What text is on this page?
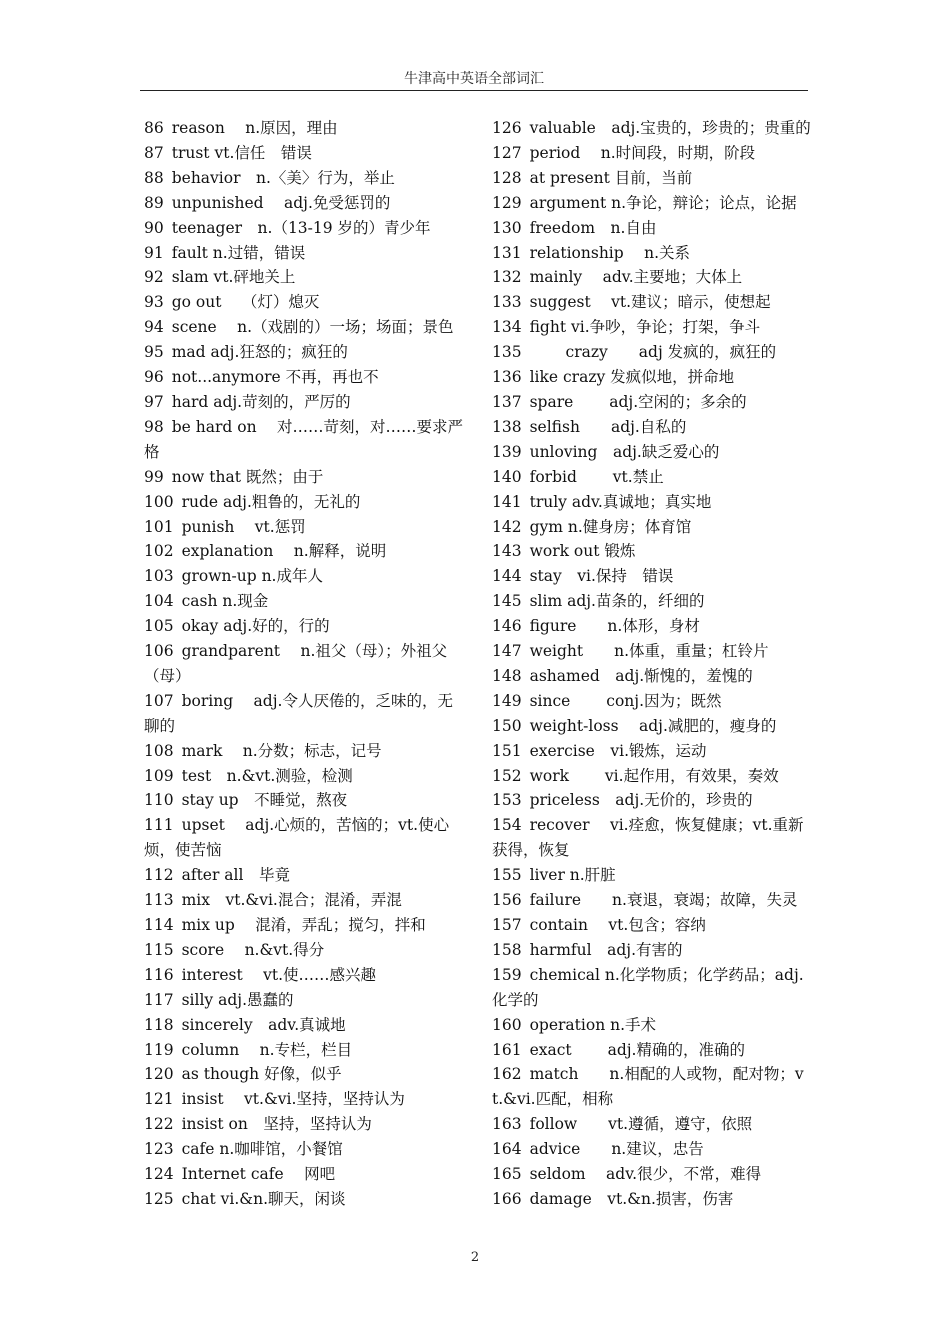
牛津高中英语全部词汇
86 reason　 n.原因，理由
87 trust vt.信任　错误
88 behavior　n.〈美〉行为，举止
89 unpunished　 adj.免受惩罚的
90 teenager　n.（13-19 岁的）青少年
91 fault n.过错，错误
92 slam vt.砰地关上
93 go out　 （灯）熄灭
94 scene　 n.（戏剧的）一场；场面；景色
95 mad adj.狂怒的；疯狂的
96 not...anymore 不再，再也不
97 hard adj.苛刻的，严厉的
98 be hard on　 对……苛刻，对……要求严格
99 now that 既然；由于
100 rude adj.粗鲁的，无礼的
101 punish　 vt.惩罚
102 explanation　 n.解释，说明
103 grown-up n.成年人
104 cash n.现金
105 okay adj.好的，行的
106 grandparent　 n.祖父（母）；外祖父（母）
107 boring　 adj.令人厌倦的，乏味的，无聊的
108 mark　 n.分数；标志，记号
109 test　n.&vt.测验，检测
110 stay up　不睡觉，熬夜
111 upset　 adj.心烦的，苦恼的；vt.使心烦，使苦恼
112 after all　毕竟
113 mix　vt.&vi.混合；混淆，弄混
114 mix up　 混淆，弄乱；搅匀，拌和
115 score　 n.&vt.得分
116 interest　 vt.使……感兴趣
117 silly adj.愚蠢的
118 sincerely　adv.真诚地
119 column　 n.专栏，栏目
120 as though 好像，似乎
121 insist　 vt.&vi.坚持，坚持认为
122 insist on　坚持，坚持认为
123 cafe n.咖啡馆，小餐馆
124 Internet cafe　 网吧
125 chat vi.&n.聊天，闲谈
126 valuable　adj.宝贵的，珍贵的；贵重的
127 period　 n.时间段，时期，阶段
128 at present 目前，当前
129 argument n.争论，辩论；论点，论据
130 freedom　n.自由
131 relationship　 n.关系
132 mainly　 adv.主要地；大体上
133 suggest　 vt.建议；暗示，使想起
134 fight vi.争吵，争论；打架，争斗
135　　 crazy　　adj 发疯的，疯狂的
136 like crazy 发疯似地，拼命地
137 spare　　 adj.空闲的；多余的
138 selfish　　adj.自私的
139 unloving　adj.缺乏爱心的
140 forbid　　 vt.禁止
141 truly adv.真诚地；真实地
142 gym n.健身房；体育馆
143 work out 锻炼
144 stay　vi.保持　错误
145 slim adj.苗条的，纤细的
146 figure　　n.体形，身材
147 weight　　n.体重，重量；杠铃片
148 ashamed　adj.惭愧的，羞愧的
149 since　　 conj.因为；既然
150 weight-loss　 adj.减肥的，瘦身的
151 exercise　vi.锻炼，运动
152 work　　 vi.起作用，有效果，奏效
153 priceless　adj.无价的，珍贵的
154 recover　 vi.痊愈，恢复健康；vt.重新获得，恢复
155 liver n.肝脏
156 failure　　n.衰退，衰竭；故障，失灵
157 contain　 vt.包含；容纳
158 harmful　adj.有害的
159 chemical n.化学物质；化学药品；adj.化学的
160 operation n.手术
161 exact　　 adj.精确的，准确的
162 match　　n.相配的人或物，配对物；vt.&vi.匹配，相称
163 follow　　vt.遵循，遵守，依照
164 advice　　n.建议，忠告
165 seldom　 adv.很少，不常，难得
166 damage　vt.&n.损害，伤害
2
